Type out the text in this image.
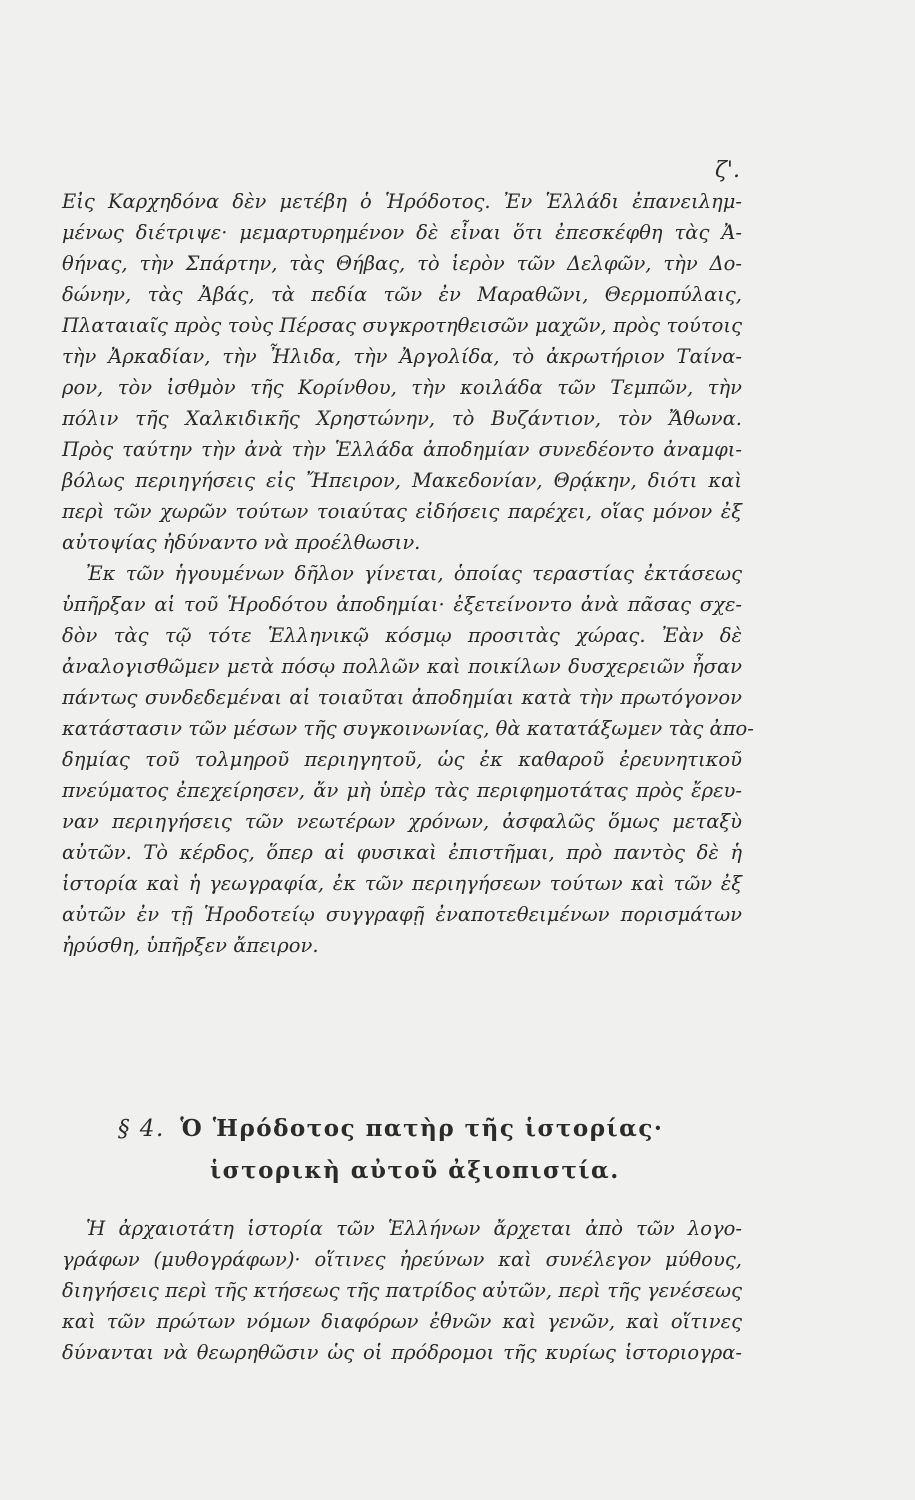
ζ'.
Εἰς Καρχηδόνα δὲν μετέβη ὁ Ἡρόδοτος. Ἐν Ἑλλάδι ἐπανειλημ-
μένως διέτριψε· μεμαρτυρημένον δὲ εἶναι ὅτι ἐπεσκέφθη τὰς Ἀ-
θήνας, τὴν Σπάρτην, τὰς Θήβας, τὸ ἱερὸν τῶν Δελφῶν, τὴν Δο-
δώνην, τὰς Ἀβάς, τὰ πεδία τῶν ἐν Μαραθῶνι, Θερμοπύλαις,
Πλαταιαῖς πρὸς τοὺς Πέρσας συγκροτηθεισῶν μαχῶν, πρὸς τούτοις
τὴν Ἀρκαδίαν, τὴν Ἦλιδα, τὴν Ἀργολίδα, τὸ ἀκρωτήριον Ταίνα-
ρον, τὸν ἰσθμὸν τῆς Κορίνθου, τὴν κοιλάδα τῶν Τεμπῶν, τὴν
πόλιν τῆς Χαλκιδικῆς Χρηστώνην, τὸ Βυζάντιον, τὸν Ἄθωνα.
Πρὸς ταύτην τὴν ἀνὰ τὴν Ἑλλάδα ἀποδημίαν συνεδέοντο ἀναμφι-
βόλως περιηγήσεις εἰς Ἤπειρον, Μακεδονίαν, Θρᾴκην, διότι καὶ
περὶ τῶν χωρῶν τούτων τοιαύτας εἰδήσεις παρέχει, οἵας μόνον ἐξ
αὐτοψίας ἠδύναντο νὰ προέλθωσιν.
Ἐκ τῶν ἡγουμένων δῆλον γίνεται, ὁποίας τεραστίας ἐκτάσεως
ὑπῆρξαν αἱ τοῦ Ἡροδότου ἀποδημίαι· ἐξετείνοντο ἀνὰ πᾶσας σχε-
δὸν τὰς τῷ τότε Ἑλληνικῷ κόσμῳ προσιτὰς χώρας. Ἐὰν δὲ
ἀναλογισθῶμεν μετὰ πόσῳ πολλῶν καὶ ποικίλων δυσχερειῶν ἦσαν
πάντως συνδεδεμέναι αἱ τοιαῦται ἀποδημίαι κατὰ τὴν πρωτόγονον
κατάστασιν τῶν μέσων τῆς συγκοινωνίας, θὰ κατατάξωμεν τὰς ἀπο-
δημίας τοῦ τολμηροῦ περιηγητοῦ, ὡς ἐκ καθαροῦ ἐρευνητικοῦ
πνεύματος ἐπεχείρησεν, ἄν μὴ ὑπὲρ τὰς περιφημοτάτας πρὸς ἔρευ-
ναν περιηγήσεις τῶν νεωτέρων χρόνων, ἀσφαλῶς ὅμως μεταξὺ
αὐτῶν. Τὸ κέρδος, ὅπερ αἱ φυσικαὶ ἐπιστῆμαι, πρὸ παντὸς δὲ ἡ
ἱστορία καὶ ἡ γεωγραφία, ἐκ τῶν περιηγήσεων τούτων καὶ τῶν ἐξ
αὐτῶν ἐν τῇ Ἡροδοτείῳ συγγραφῇ ἐναποτεθειμένων πορισμάτων
ἠρύσθη, ὑπῆρξεν ἄπειρον.
§ 4. Ὁ Ἡρόδοτος πατὴρ τῆς ἱστορίας·
ἱστορικὴ αὐτοῦ ἀξιοπιστία.
Ἡ ἀρχαιοτάτη ἱστορία τῶν Ἑλλήνων ἄρχεται ἀπὸ τῶν λογο-
γράφων (μυθογράφων)· οἵτινες ἠρεύνων καὶ συνέλεγον μύθους,
διηγήσεις περὶ τῆς κτήσεως τῆς πατρίδος αὐτῶν, περὶ τῆς γενέσεως
καὶ τῶν πρώτων νόμων διαφόρων ἐθνῶν καὶ γενῶν, καὶ οἵτινες
δύνανται νὰ θεωρηθῶσιν ὡς οἱ πρόδρομοι τῆς κυρίως ἱστοριογρα-
